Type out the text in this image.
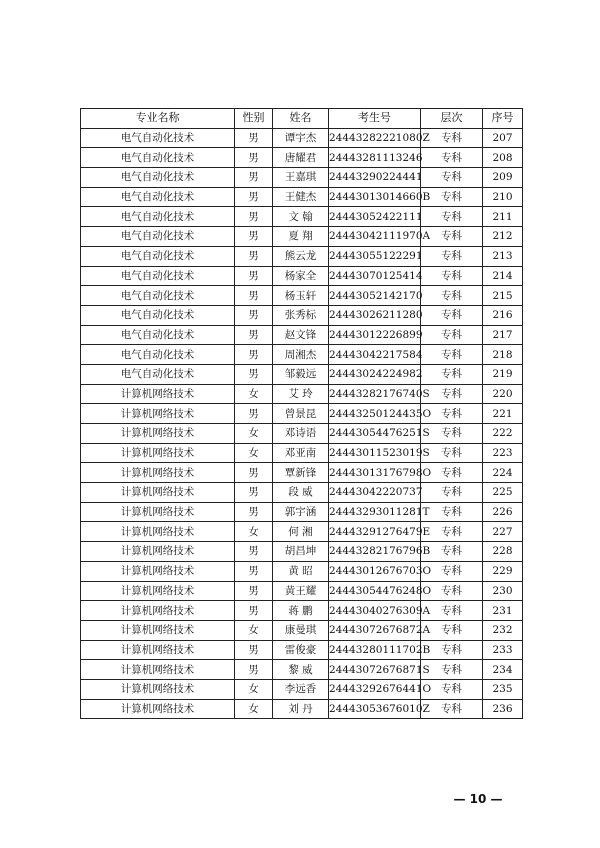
专业名称	性别	姓名	考生号	层次	序号
电气自动化技术	男	谭宇杰	24443282221080Z	专科	207
电气自动化技术	男	唐耀君	24443281113246	专科	208
电气自动化技术	男	王嘉琪	24443290224441	专科	209
电气自动化技术	男	王健杰	24443013014660B	专科	210
电气自动化技术	男	文 翰	24443052422111	专科	211
电气自动化技术	男	夏 翔	24443042111970A	专科	212
电气自动化技术	男	熊云龙	24443055122291	专科	213
电气自动化技术	男	杨家全	24443070125414	专科	214
电气自动化技术	男	杨玉轩	24443052142170	专科	215
电气自动化技术	男	张秀标	24443026211280	专科	216
电气自动化技术	男	赵文锋	24443012226899	专科	217
电气自动化技术	男	周湘杰	24443042217584	专科	218
电气自动化技术	男	邹毅远	24443024224982	专科	219
计算机网络技术	女	艾 玲	24443282176740S	专科	220
计算机网络技术	男	曾景昆	24443250124435O	专科	221
计算机网络技术	女	邓诗语	24443054476251S	专科	222
计算机网络技术	女	邓亚南	24443011523019S	专科	223
计算机网络技术	男	覃新锋	24443013176798O	专科	224
计算机网络技术	男	段 威	24443042220737	专科	225
计算机网络技术	男	郭宇涵	24443293011281T	专科	226
计算机网络技术	女	何 湘	24443291276479E	专科	227
计算机网络技术	男	胡昌坤	24443282176796B	专科	228
计算机网络技术	男	黄 昭	24443012676703O	专科	229
计算机网络技术	男	黄王耀	24443054476248O	专科	230
计算机网络技术	男	蒋 鹏	24443040276309A	专科	231
计算机网络技术	女	康曼琪	24443072676872A	专科	232
计算机网络技术	男	雷俊豪	24443280111702B	专科	233
计算机网络技术	男	黎 威	24443072676871S	专科	234
计算机网络技术	女	李远香	24443292676441O	专科	235
计算机网络技术	女	刘 丹	24443053676010Z	专科	236
— 10 —
